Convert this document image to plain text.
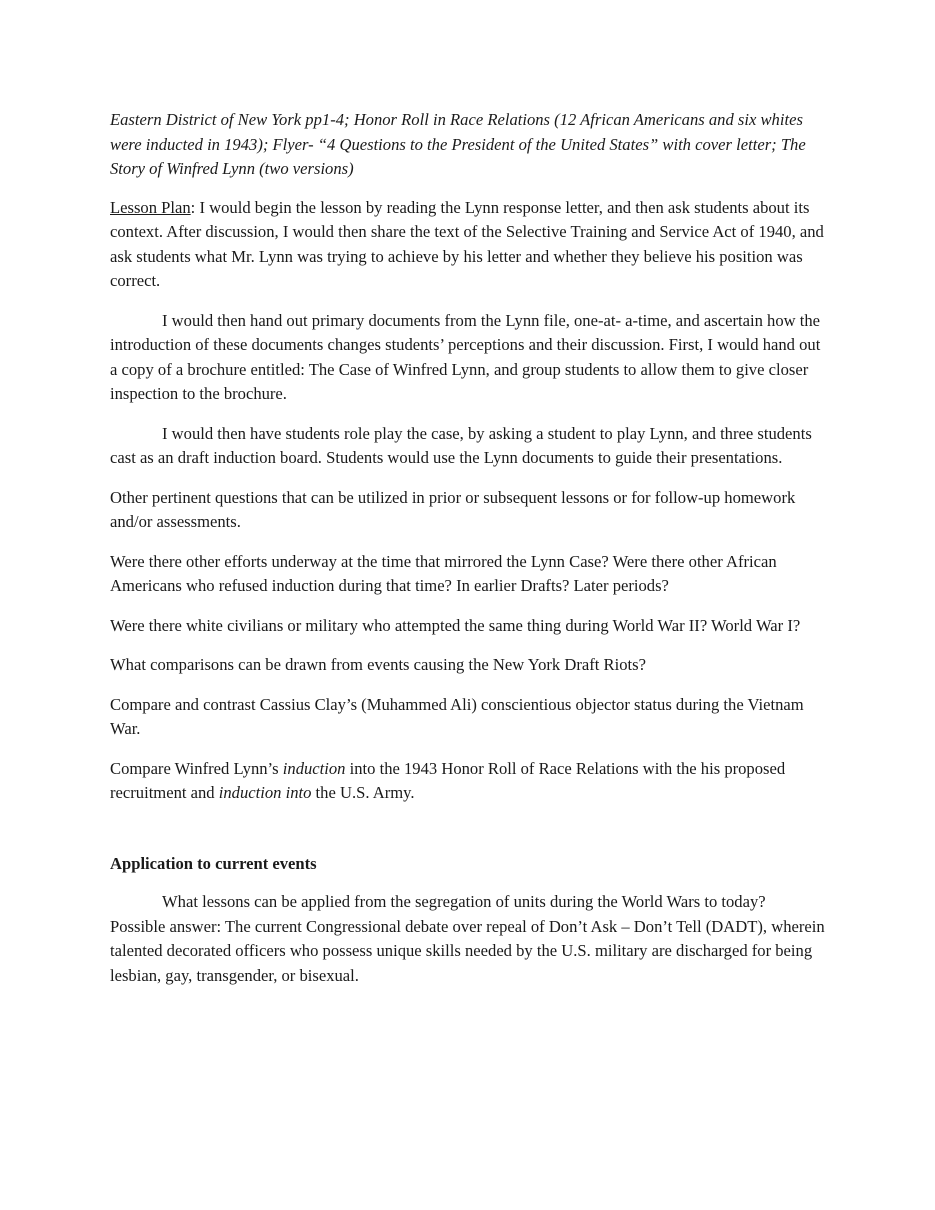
Eastern District of New York pp1-4; Honor Roll in Race Relations (12 African Americans and six whites were inducted in 1943); Flyer- “4 Questions to the President of the United States” with cover letter; The Story of Winfred Lynn (two versions)

Lesson Plan: I would begin the lesson by reading the Lynn response letter, and then ask students about its context. After discussion, I would then share the text of the Selective Training and Service Act of 1940, and ask students what Mr. Lynn was trying to achieve by his letter and whether they believe his position was correct.

I would then hand out primary documents from the Lynn file, one-at- a-time, and ascertain how the introduction of these documents changes students’ perceptions and their discussion. First, I would hand out a copy of a brochure entitled: The Case of Winfred Lynn, and group students to allow them to give closer inspection to the brochure.

I would then have students role play the case, by asking a student to play Lynn, and three students cast as an draft induction board. Students would use the Lynn documents to guide their presentations.

Other pertinent questions that can be utilized in prior or subsequent lessons or for follow-up homework and/or assessments.

Were there other efforts underway at the time that mirrored the Lynn Case? Were there other African Americans who refused induction during that time? In earlier Drafts? Later periods?

Were there white civilians or military who attempted the same thing during World War II? World War I?

What comparisons can be drawn from events causing the New York Draft Riots?

Compare and contrast Cassius Clay’s (Muhammed Ali) conscientious objector status during the Vietnam War.

Compare Winfred Lynn’s induction into the 1943 Honor Roll of Race Relations with the his proposed recruitment and induction into the U.S. Army.

Application to current events

What lessons can be applied from the segregation of units during the World Wars to today? Possible answer: The current Congressional debate over repeal of Don’t Ask – Don’t Tell (DADT), wherein talented decorated officers who possess unique skills needed by the U.S. military are discharged for being lesbian, gay, transgender, or bisexual.
